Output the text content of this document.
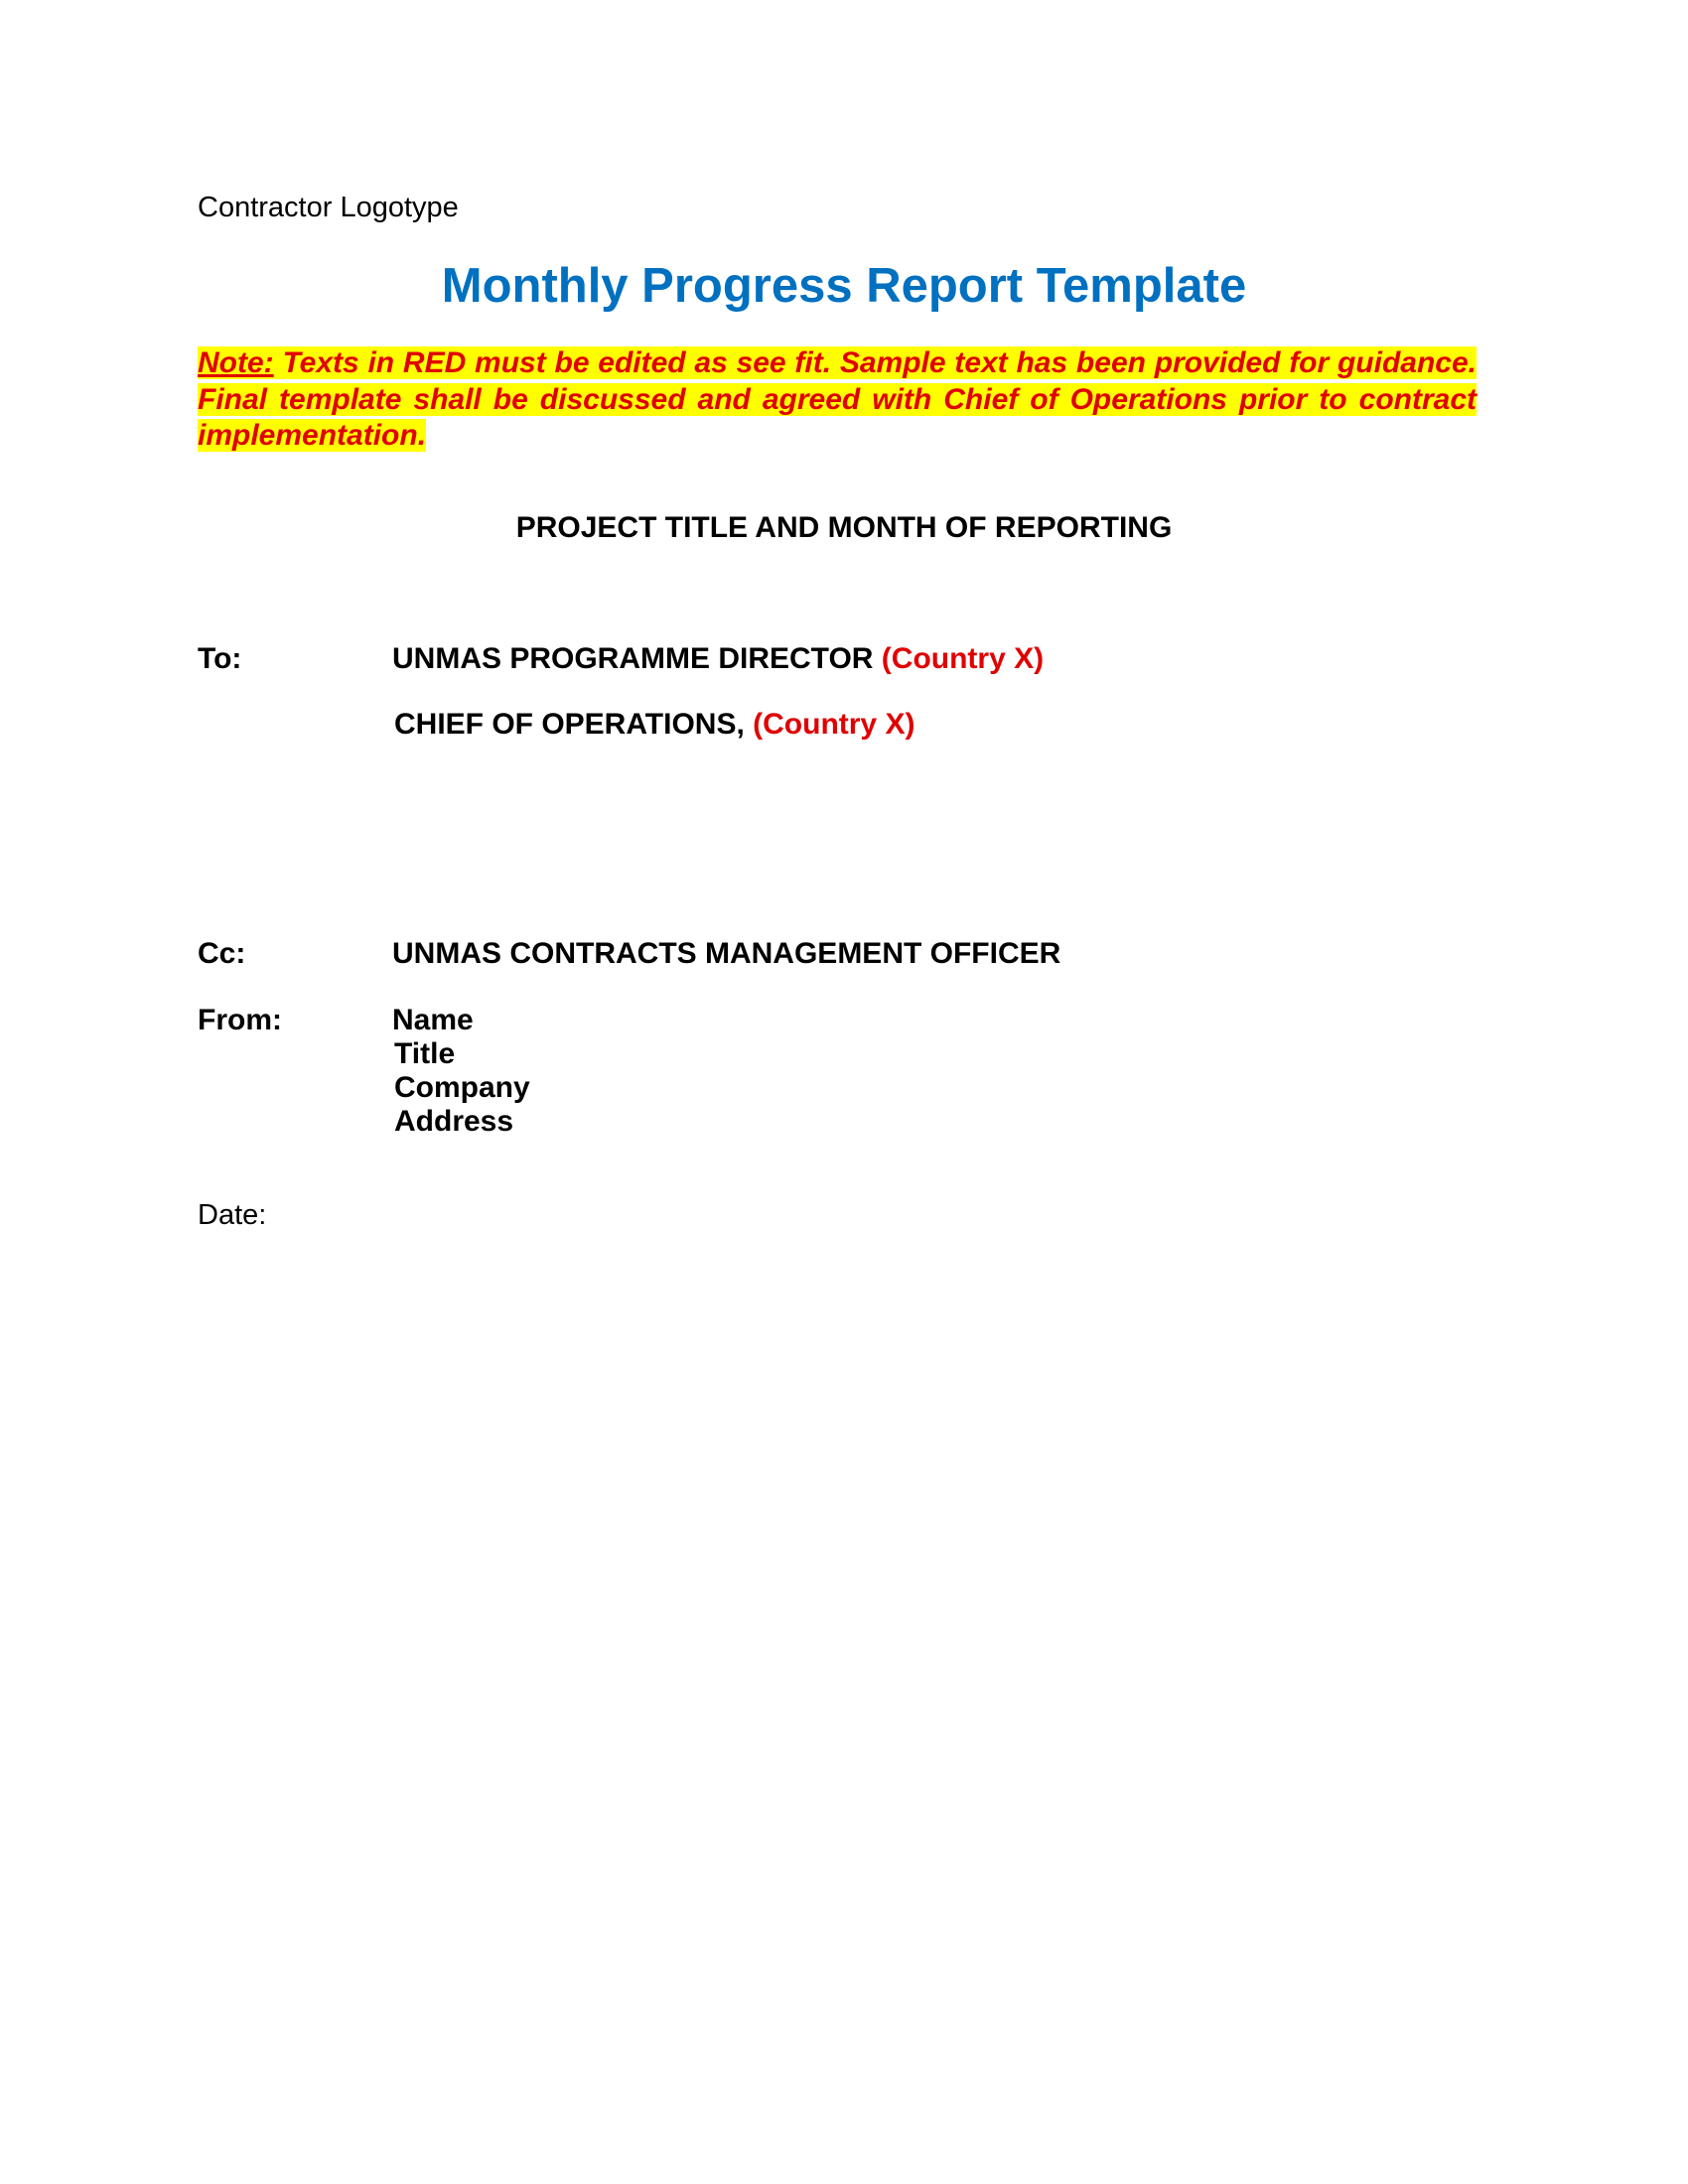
Contractor Logotype
Monthly Progress Report Template
Note: Texts in RED must be edited as see fit. Sample text has been provided for guidance. Final template shall be discussed and agreed with Chief of Operations prior to contract implementation.
PROJECT TITLE AND MONTH OF REPORTING
To:	UNMAS PROGRAMME DIRECTOR (Country X)
CHIEF OF OPERATIONS, (Country X)
Cc:	UNMAS CONTRACTS MANAGEMENT OFFICER
From:	Name
Title
Company
Address
Date:
